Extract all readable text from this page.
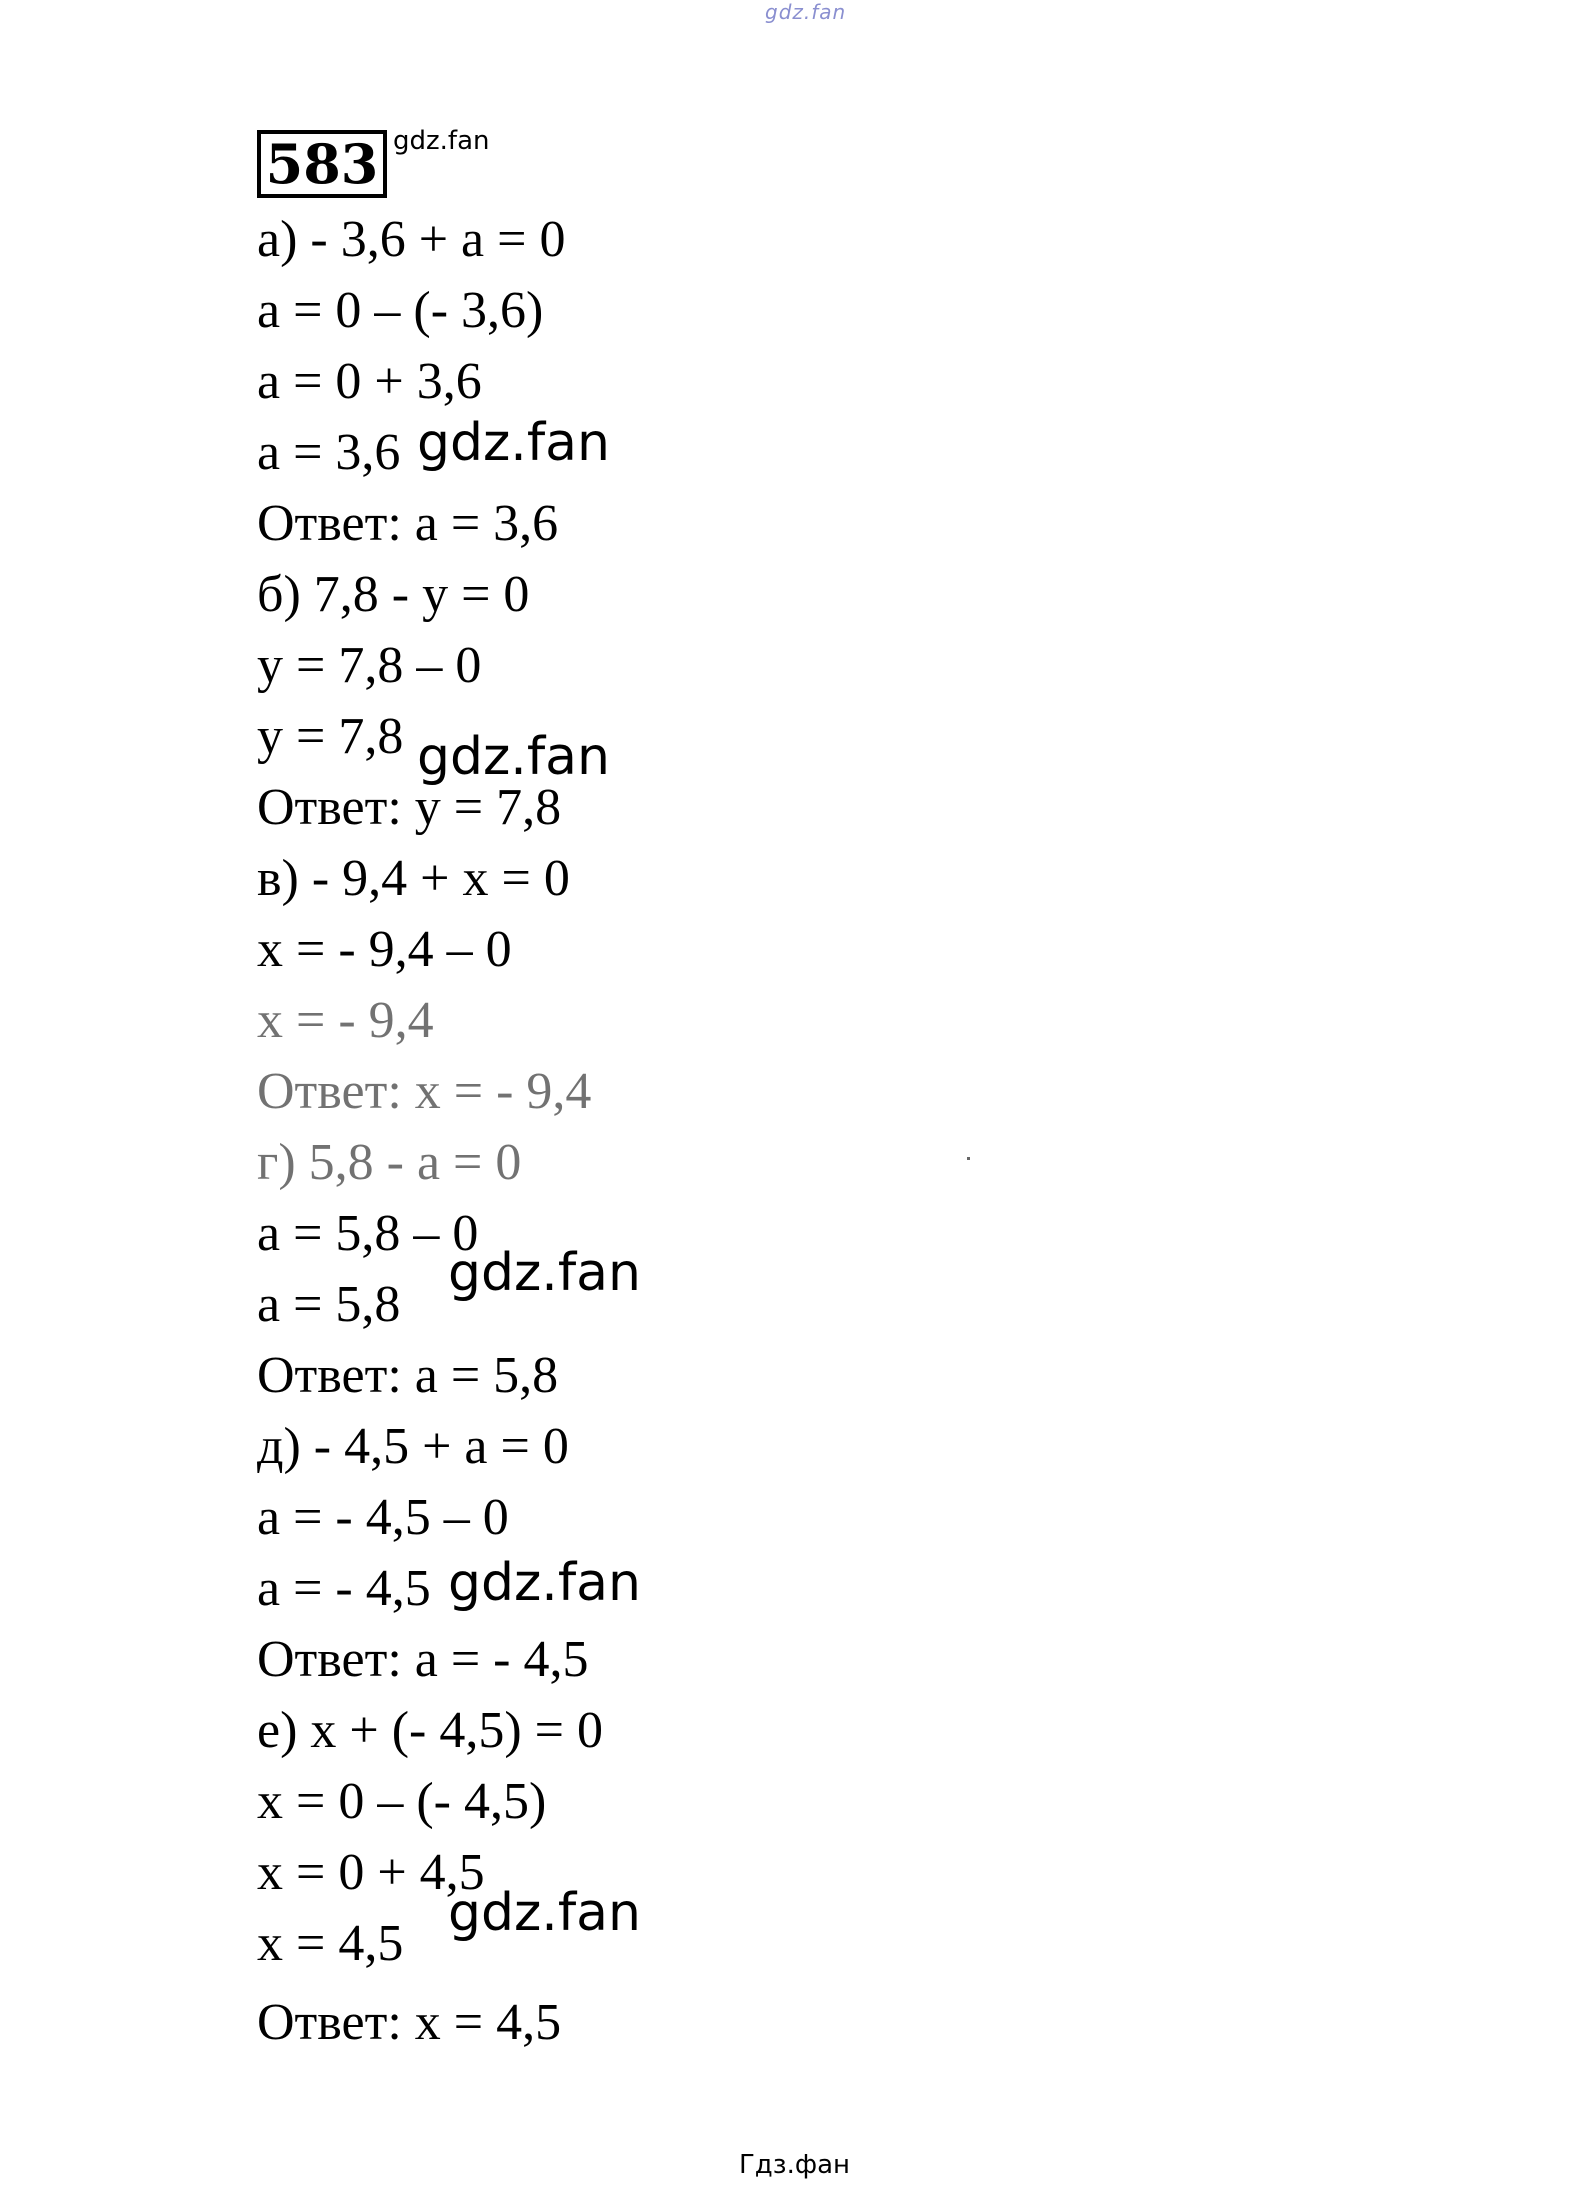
gdz.fan
583 gdz.fan
а) - 3,6 + a = 0
a = 0 – (- 3,6)
a = 0 + 3,6
a = 3,6
Ответ: a = 3,6
б) 7,8 - y = 0
y = 7,8 – 0
y = 7,8
Ответ: y = 7,8
в) - 9,4 + x = 0
x = - 9,4 – 0
x = - 9,4
Ответ: x = - 9,4
г) 5,8 - a = 0
a = 5,8 – 0
a = 5,8
Ответ: a = 5,8
д) - 4,5 + a = 0
a = - 4,5 – 0
a = - 4,5
Ответ: a = - 4,5
е) x + (- 4,5) = 0
x = 0 – (- 4,5)
x = 0 + 4,5
x = 4,5
Ответ: x = 4,5
gdz.fan
gdz.fan
gdz.fan
gdz.fan
gdz.fan
Гдз.фан
